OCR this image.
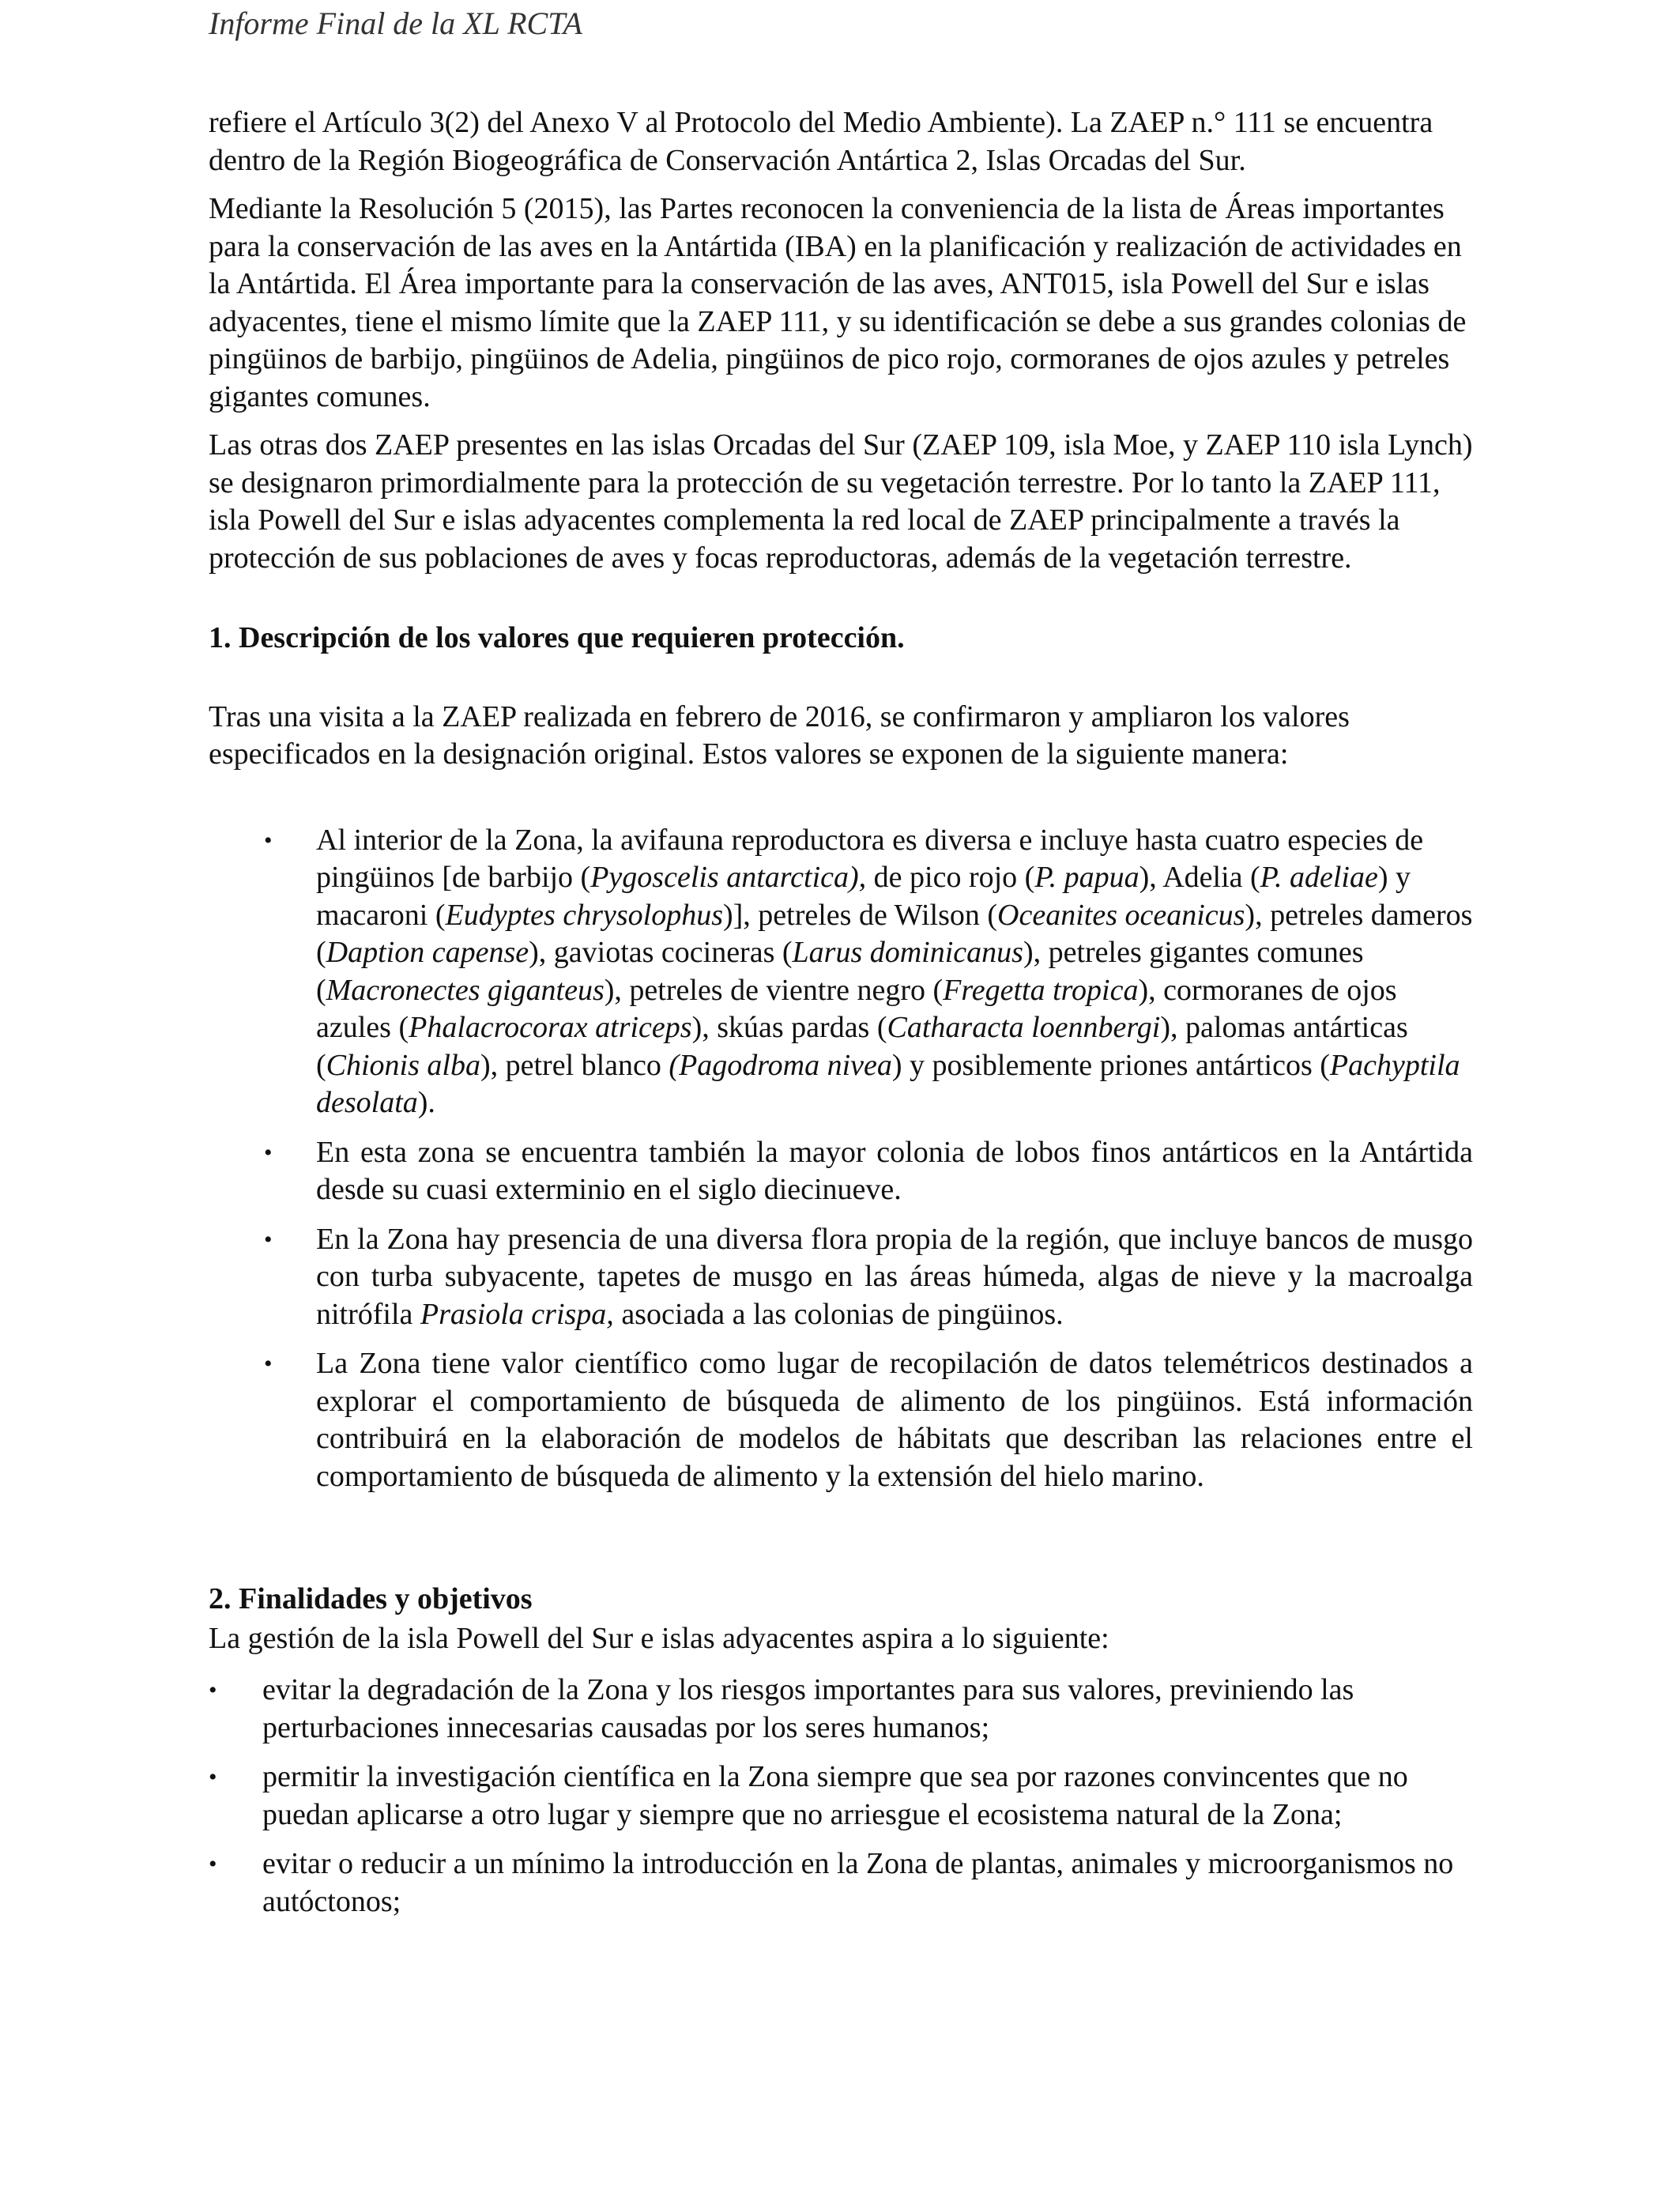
Informe Final de la XL RCTA

refiere el Artículo 3(2) del Anexo V al Protocolo del Medio Ambiente). La ZAEP n.° 111 se encuentra dentro de la Región Biogeográfica de Conservación Antártica 2, Islas Orcadas del Sur.

Mediante la Resolución 5 (2015), las Partes reconocen la conveniencia de la lista de Áreas importantes para la conservación de las aves en la Antártida (IBA) en la planificación y realización de actividades en la Antártida. El Área importante para la conservación de las aves, ANT015, isla Powell del Sur e islas adyacentes, tiene el mismo límite que la ZAEP 111, y su identificación se debe a sus grandes colonias de pingüinos de barbijo, pingüinos de Adelia, pingüinos de pico rojo, cormoranes de ojos azules y petreles gigantes comunes.

Las otras dos ZAEP presentes en las islas Orcadas del Sur (ZAEP 109, isla Moe, y ZAEP 110 isla Lynch) se designaron primordialmente para la protección de su vegetación terrestre. Por lo tanto la ZAEP 111, isla Powell del Sur e islas adyacentes complementa la red local de ZAEP principalmente a través la protección de sus poblaciones de aves y focas reproductoras, además de la vegetación terrestre.

1. Descripción de los valores que requieren protección.

Tras una visita a la ZAEP realizada en febrero de 2016, se confirmaron y ampliaron los valores especificados en la designación original. Estos valores se exponen de la siguiente manera:

• Al interior de la Zona, la avifauna reproductora es diversa e incluye hasta cuatro especies de pingüinos [de barbijo (Pygoscelis antarctica), de pico rojo (P. papua), Adelia (P. adeliae) y macaroni (Eudyptes chrysolophus)], petreles de Wilson (Oceanites oceanicus), petreles dameros (Daption capense), gaviotas cocineras (Larus dominicanus), petreles gigantes comunes (Macronectes giganteus), petreles de vientre negro (Fregetta tropica), cormoranes de ojos azules (Phalacrocorax atriceps), skúas pardas (Catharacta loennbergi), palomas antárticas (Chionis alba), petrel blanco (Pagodroma nivea) y posiblemente priones antárticos (Pachyptila desolata).
• En esta zona se encuentra también la mayor colonia de lobos finos antárticos en la Antártida desde su cuasi exterminio en el siglo diecinueve.
• En la Zona hay presencia de una diversa flora propia de la región, que incluye bancos de musgo con turba subyacente, tapetes de musgo en las áreas húmeda, algas de nieve y la macroalga nitrófila Prasiola crispa, asociada a las colonias de pingüinos.
• La Zona tiene valor científico como lugar de recopilación de datos telemétricos destinados a explorar el comportamiento de búsqueda de alimento de los pingüinos. Está información contribuirá en la elaboración de modelos de hábitats que describan las relaciones entre el comportamiento de búsqueda de alimento y la extensión del hielo marino.

2. Finalidades y objetivos

La gestión de la isla Powell del Sur e islas adyacentes aspira a lo siguiente:

• evitar la degradación de la Zona y los riesgos importantes para sus valores, previniendo las perturbaciones innecesarias causadas por los seres humanos;
• permitir la investigación científica en la Zona siempre que sea por razones convincentes que no puedan aplicarse a otro lugar y siempre que no arriesgue el ecosistema natural de la Zona;
• evitar o reducir a un mínimo la introducción en la Zona de plantas, animales y microorganismos no autóctonos;
